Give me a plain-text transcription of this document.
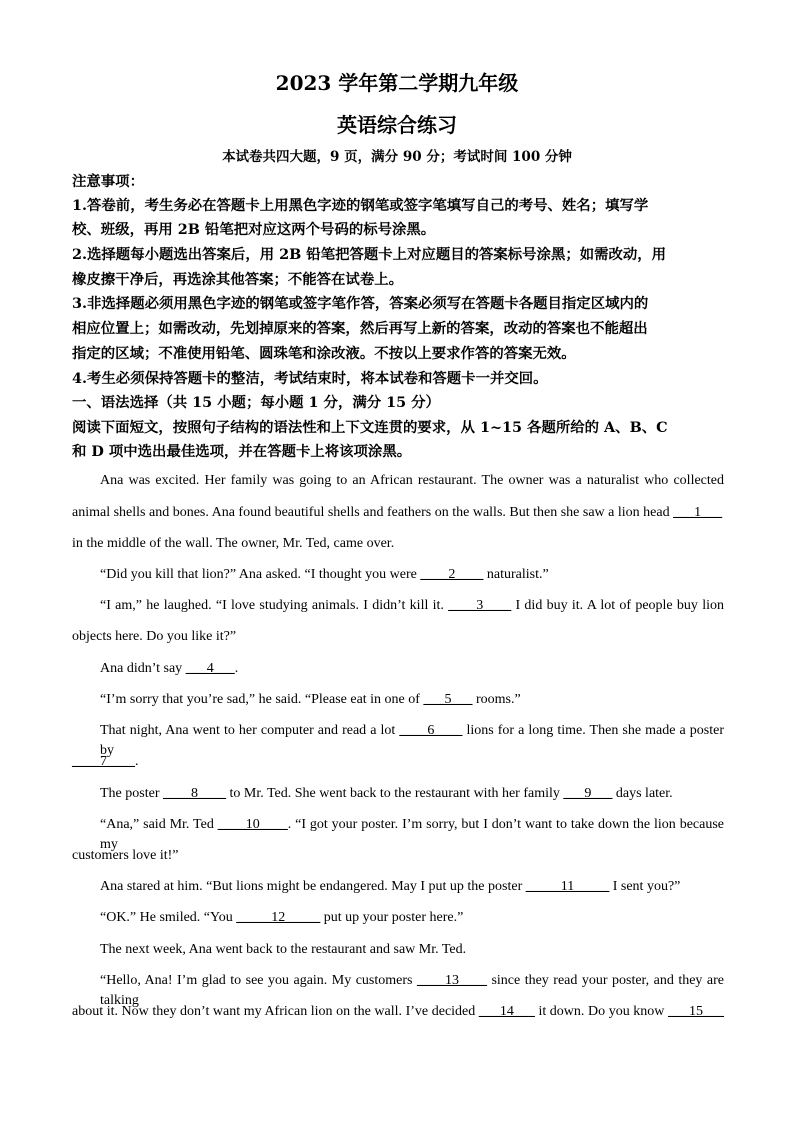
2023 学年第二学期九年级
英语综合练习
本试卷共四大题，9 页，满分 90 分；考试时间 100 分钟
注意事项：
1.答卷前，考生务必在答题卡上用黑色字迹的钢笔或签字笔填写自己的考号、姓名；填写学
校、班级，再用 2B 铅笔把对应这两个号码的标号涂黑。
2.选择题每小题选出答案后，用 2B 铅笔把答题卡上对应题目的答案标号涂黑；如需改动，用
橡皮擦干净后，再选涂其他答案；不能答在试卷上。
3.非选择题必须用黑色字迹的钢笔或签字笔作答，答案必须写在答题卡各题目指定区域内的
相应位置上；如需改动，先划掉原来的答案，然后再写上新的答案，改动的答案也不能超出
指定的区域；不准使用铅笔、圆珠笔和涂改液。不按以上要求作答的答案无效。
4.考生必须保持答题卡的整洁，考试结束时，将本试卷和答题卡一并交回。
一、语法选择（共 15 小题；每小题 1 分，满分 15 分）
阅读下面短文，按照句子结构的语法性和上下文连贯的要求，从 1~15 各题所给的 A、B、C
和 D 项中选出最佳选项，并在答题卡上将该项涂黑。
Ana was excited. Her family was going to an African restaurant. The owner was a naturalist who collected
animal shells and bones. Ana found beautiful shells and feathers on the walls. But then she saw a lion head ___1___
in the middle of the wall. The owner, Mr. Ted, came over.
“Did you kill that lion?” Ana asked. “I thought you were ____2____ naturalist.”
“I am,” he laughed. “I love studying animals. I didn’t kill it. ____3____ I did buy it. A lot of people buy lion
objects here. Do you like it?”
Ana didn’t say ___4___.
“I’m sorry that you’re sad,” he said. “Please eat in one of ___5___ rooms.”
That night, Ana went to her computer and read a lot ____6____ lions for a long time. Then she made a poster by
____7____.
The poster ____8____ to Mr. Ted. She went back to the restaurant with her family ___9___ days later.
“Ana,” said Mr. Ted ____10____. “I got your poster. I’m sorry, but I don’t want to take down the lion because my
customers love it!”
Ana stared at him. “But lions might be endangered. May I put up the poster _____11_____ I sent you?”
“OK.” He smiled. “You _____12_____ put up your poster here.”
The next week, Ana went back to the restaurant and saw Mr. Ted.
“Hello, Ana! I’m glad to see you again. My customers ____13____ since they read your poster, and they are talking
about it. Now they don’t want my African lion on the wall. I’ve decided ___14___ it down. Do you know ___15___
